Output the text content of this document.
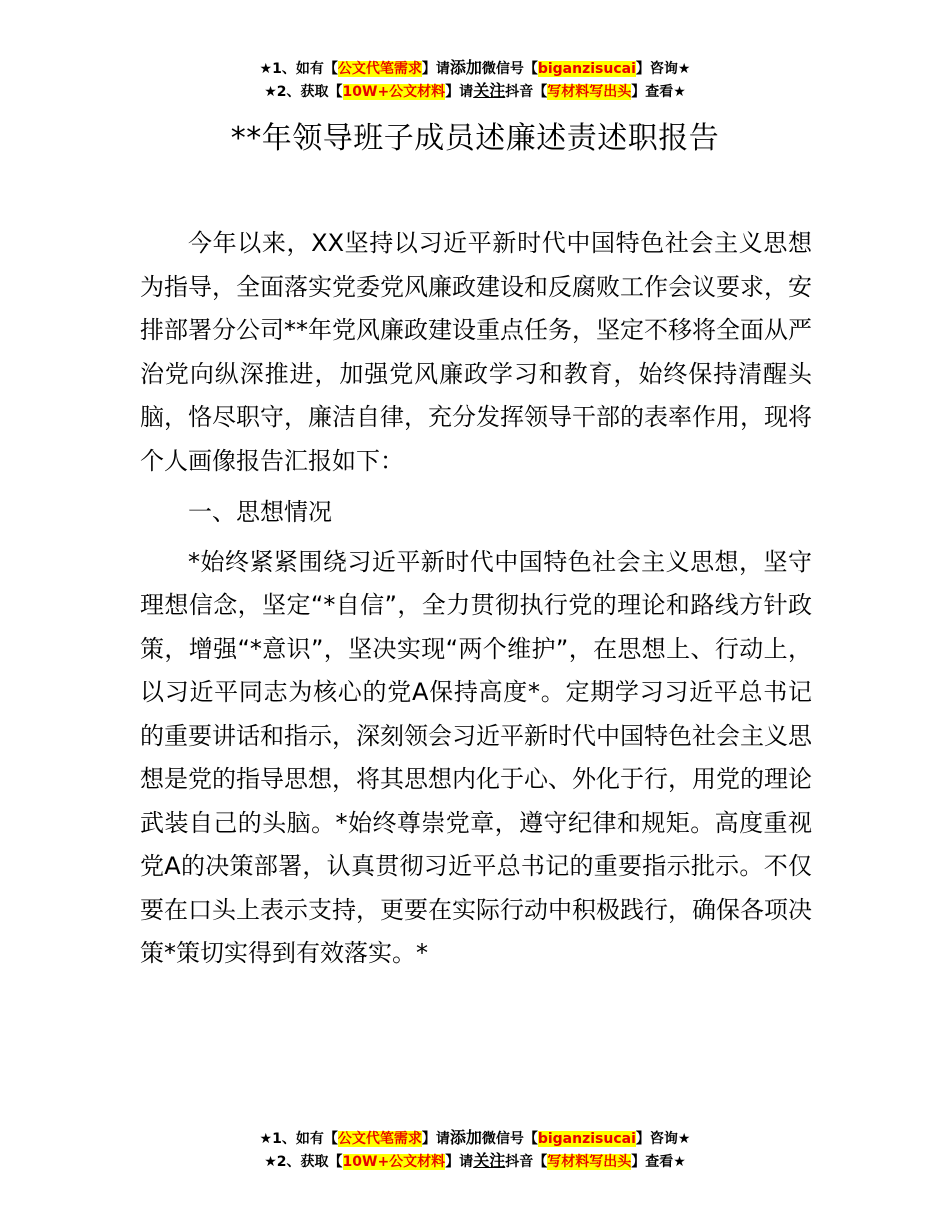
★1、如有【公文代笔需求】请添加微信号【biganzisucai】咨询★
★2、获取【10W+公文材料】请关注抖音【写材料写出头】查看★
**年领导班子成员述廉述责述职报告

今年以来，XX坚持以习近平新时代中国特色社会主义思想为指导，全面落实党委党风廉政建设和反腐败工作会议要求，安排部署分公司**年党风廉政建设重点任务，坚定不移将全面从严治党向纵深推进，加强党风廉政学习和教育，始终保持清醒头脑，恪尽职守，廉洁自律，充分发挥领导干部的表率作用，现将个人画像报告汇报如下：

一、思想情况

*始终紧紧围绕习近平新时代中国特色社会主义思想，坚守理想信念，坚定“*自信”，全力贯彻执行党的理论和路线方针政策，增强“*意识”，坚决实现“两个维护”，在思想上、行动上，以习近平同志为核心的党A保持高度*。定期学习习近平总书记的重要讲话和指示，深刻领会习近平新时代中国特色社会主义思想是党的指导思想，将其思想内化于心、外化于行，用党的理论武装自己的头脑。*始终尊崇党章，遵守纪律和规矩。高度重视党A的决策部署，认真贯彻习近平总书记的重要指示批示。不仅要在口头上表示支持，更要在实际行动中积极践行，确保各项决策*策切实得到有效落实。*

★1、如有【公文代笔需求】请添加微信号【biganzisucai】咨询★
★2、获取【10W+公文材料】请关注抖音【写材料写出头】查看★
